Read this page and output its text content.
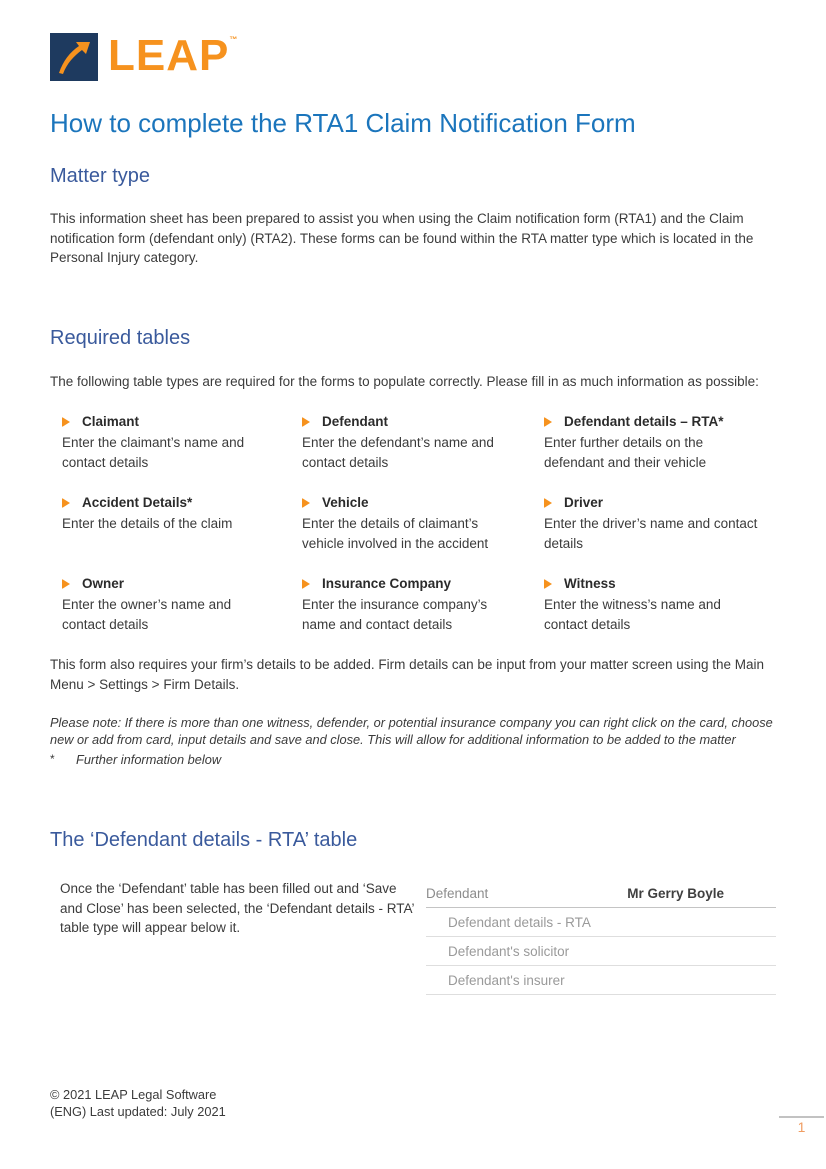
LEAP™
How to complete the RTA1 Claim Notification Form
Matter type

This information sheet has been prepared to assist you when using the Claim notification form (RTA1) and the Claim notification form (defendant only) (RTA2). These forms can be found within the RTA matter type which is located in the Personal Injury category.

Required tables

The following table types are required for the forms to populate correctly. Please fill in as much information as possible:

Claimant
Enter the claimant’s name and contact details
Defendant
Enter the defendant’s name and contact details
Defendant details – RTA*
Enter further details on the defendant and their vehicle
Accident Details*
Enter the details of the claim
Vehicle
Enter the details of claimant’s vehicle involved in the accident
Driver
Enter the driver’s name and contact details
Owner
Enter the owner’s name and contact details
Insurance Company
Enter the insurance company’s name and contact details
Witness
Enter the witness’s name and contact details

This form also requires your firm’s details to be added. Firm details can be input from your matter screen using the Main Menu > Settings > Firm Details.

Please note: If there is more than one witness, defender, or potential insurance company you can right click on the card, choose new or add from card, input details and save and close. This will allow for additional information to be added to the matter

*	Further information below
The ‘Defendant details - RTA’ table

Once the ‘Defendant’ table has been filled out and ‘Save and Close’ has been selected, the ‘Defendant details - RTA’ table type will appear below it.

Defendant	Mr Gerry Boyle
Defendant details - RTA
Defendant's solicitor
Defendant's insurer
© 2021 LEAP Legal Software
(ENG) Last updated: July 2021
1
